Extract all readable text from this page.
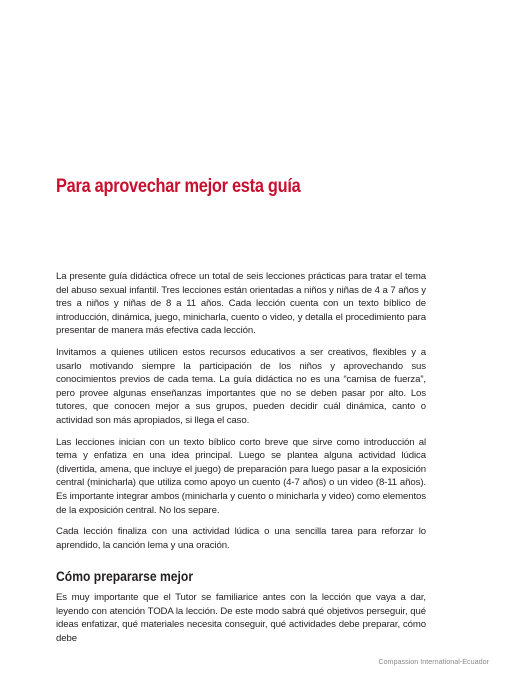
Para aprovechar mejor esta guía

La presente guía didáctica ofrece un total de seis lecciones prácticas para tratar el tema del abuso sexual infantil. Tres lecciones están orientadas a niños y niñas de 4 a 7 años y tres a niños y niñas de 8 a 11 años. Cada lección cuenta con un texto bíblico de introducción, dinámica, juego, minicharla, cuento o video, y detalla el procedimiento para presentar de manera más efectiva cada lección.

Invitamos a quienes utilicen estos recursos educativos a ser creativos, flexibles y a usarlo motivando siempre la participación de los niños y aprovechando sus conocimientos previos de cada tema. La guía didáctica no es una “camisa de fuerza”, pero provee algunas enseñanzas importantes que no se deben pasar por alto. Los tutores, que conocen mejor a sus grupos, pueden decidir cuál dinámica, canto o actividad son más apropiados, si llega el caso.

Las lecciones inician con un texto bíblico corto breve que sirve como introducción al tema y enfatiza en una idea principal. Luego se plantea alguna actividad lúdica (divertida, amena, que incluye el juego) de preparación para luego pasar a la exposición central (minicharla) que utiliza como apoyo un cuento (4-7 años) o un video (8-11 años). Es importante integrar ambos (minicharla y cuento o minicharla y video) como elementos de la exposición central. No los separe.

Cada lección finaliza con una actividad lúdica o una sencilla tarea para reforzar lo aprendido, la canción lema y una oración.

Cómo prepararse mejor

Es muy importante que el Tutor se familiarice antes con la lección que vaya a dar, leyendo con atención TODA la lección. De este modo sabrá qué objetivos perseguir, qué ideas enfatizar, qué materiales necesita conseguir, qué actividades debe preparar, cómo debe

Compassion International-Ecuador
